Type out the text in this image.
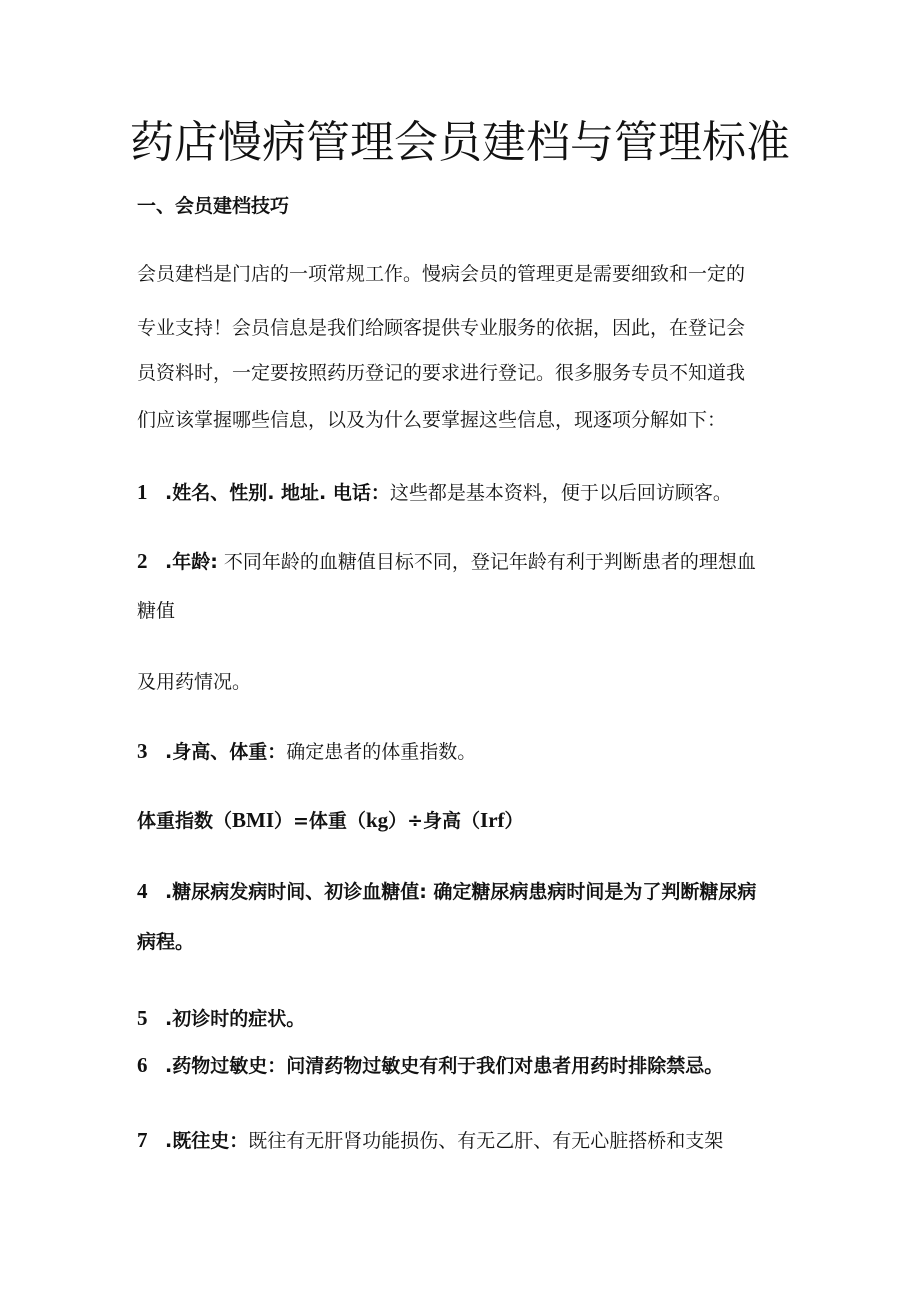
药店慢病管理会员建档与管理标准
一、会员建档技巧
会员建档是门店的一项常规工作。慢病会员的管理更是需要细致和一定的
专业支持！会员信息是我们给顾客提供专业服务的依据，因此，在登记会
员资料时，一定要按照药历登记的要求进行登记。很多服务专员不知道我
们应该掌握哪些信息，以及为什么要掌握这些信息，现逐项分解如下：
1 .姓名、性别. 地址. 电话：这些都是基本资料，便于以后回访顾客。
2 .年龄: 不同年龄的血糖值目标不同，登记年龄有利于判断患者的理想血
糖值
及用药情况。
3 .身高、体重：确定患者的体重指数。
体重指数（BMI）=体重（kg）÷身高（Irf）
4 .糖尿病发病时间、初诊血糖值: 确定糖尿病患病时间是为了判断糖尿病
病程。
5 .初诊时的症状。
6 .药物过敏史：问清药物过敏史有利于我们对患者用药时排除禁忌。
7 .既往史：既往有无肝肾功能损伤、有无乙肝、有无心脏搭桥和支架
